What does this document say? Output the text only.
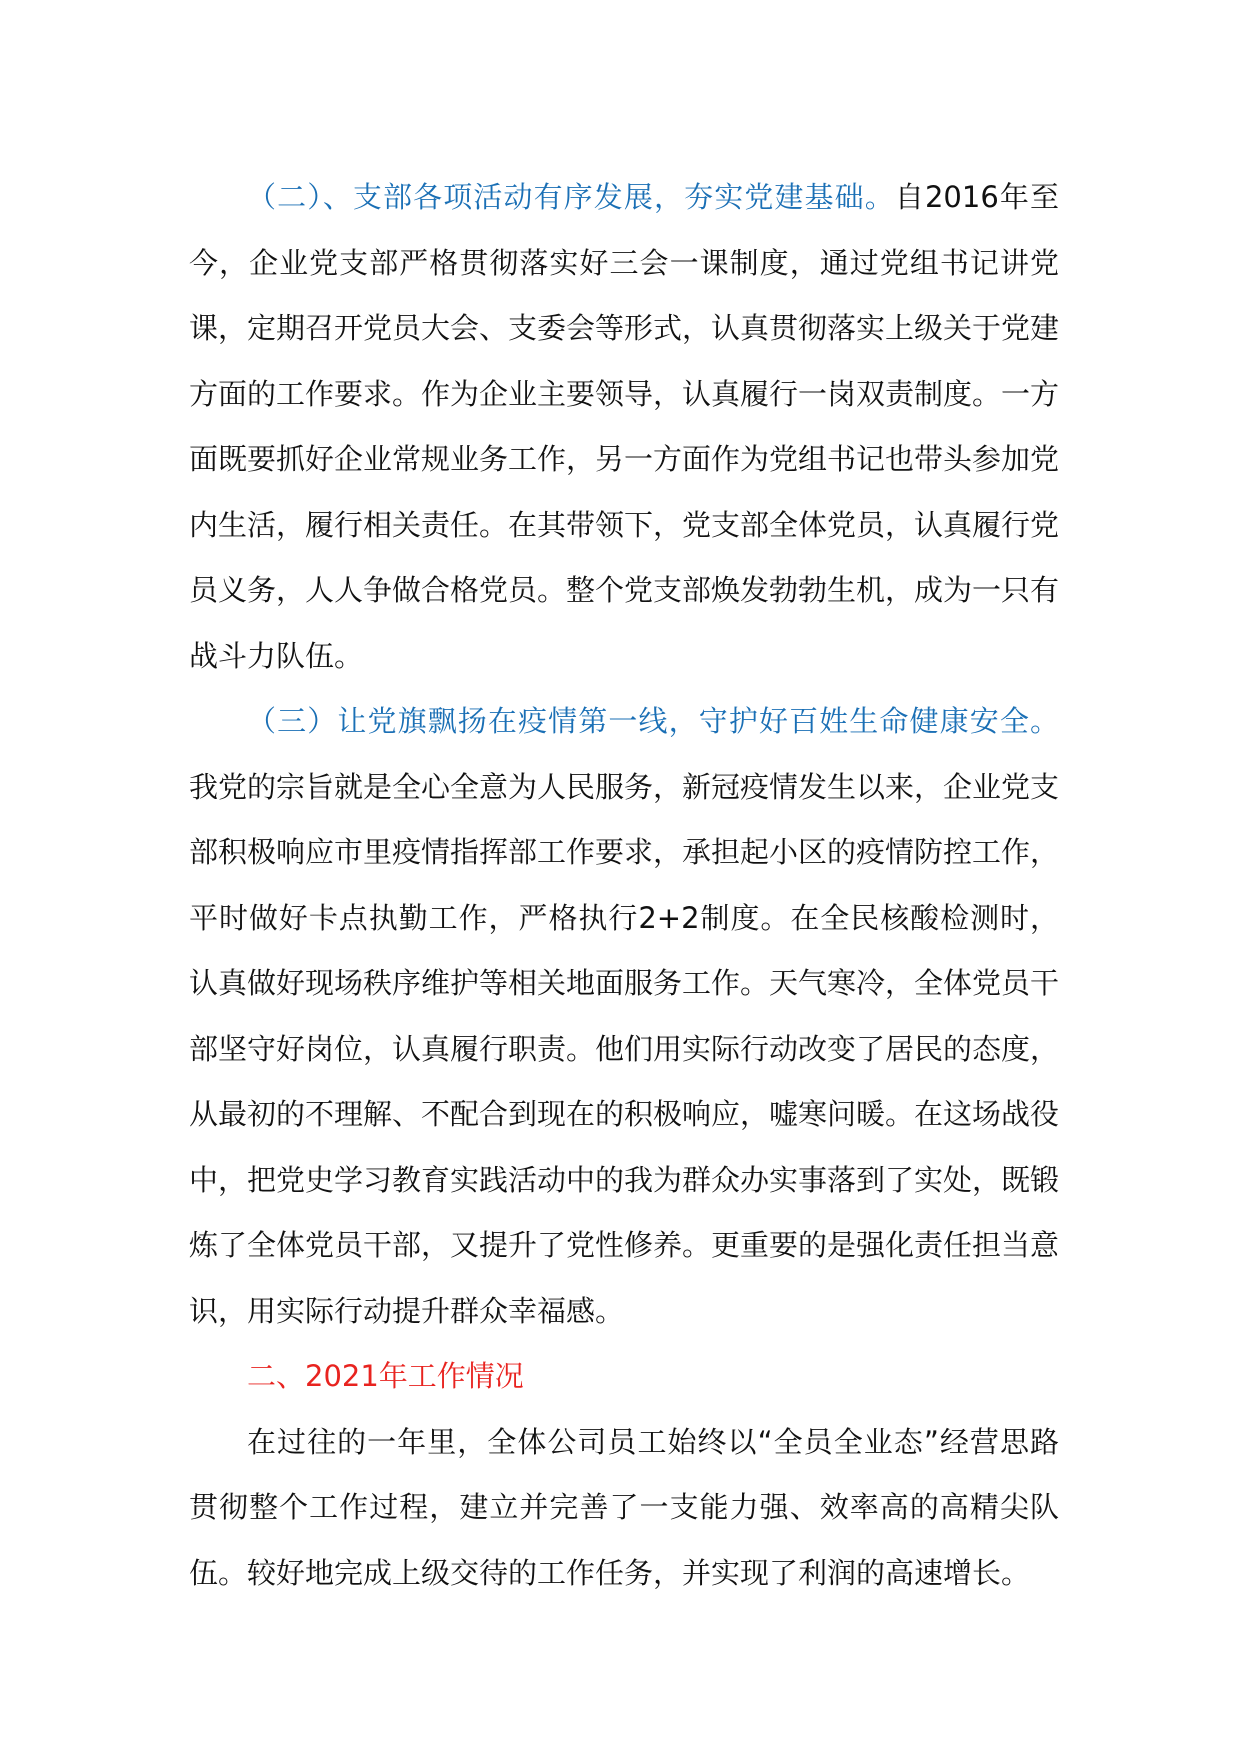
（二）、支部各项活动有序发展，夯实党建基础。自2016年至今，企业党支部严格贯彻落实好三会一课制度，通过党组书记讲党课，定期召开党员大会、支委会等形式，认真贯彻落实上级关于党建方面的工作要求。作为企业主要领导，认真履行一岗双责制度。一方面既要抓好企业常规业务工作，另一方面作为党组书记也带头参加党内生活，履行相关责任。在其带领下，党支部全体党员，认真履行党员义务，人人争做合格党员。整个党支部焕发勃勃生机，成为一只有战斗力队伍。

（三）让党旗飘扬在疫情第一线，守护好百姓生命健康安全。我党的宗旨就是全心全意为人民服务，新冠疫情发生以来，企业党支部积极响应市里疫情指挥部工作要求，承担起小区的疫情防控工作，平时做好卡点执勤工作，严格执行2+2制度。在全民核酸检测时，认真做好现场秩序维护等相关地面服务工作。天气寒冷，全体党员干部坚守好岗位，认真履行职责。他们用实际行动改变了居民的态度，从最初的不理解、不配合到现在的积极响应，嘘寒问暖。在这场战役中，把党史学习教育实践活动中的我为群众办实事落到了实处，既锻炼了全体党员干部，又提升了党性修养。更重要的是强化责任担当意识，用实际行动提升群众幸福感。

二、2021年工作情况

在过往的一年里，全体公司员工始终以“全员全业态”经营思路贯彻整个工作过程，建立并完善了一支能力强、效率高的高精尖队伍。较好地完成上级交待的工作任务，并实现了利润的高速增长。
